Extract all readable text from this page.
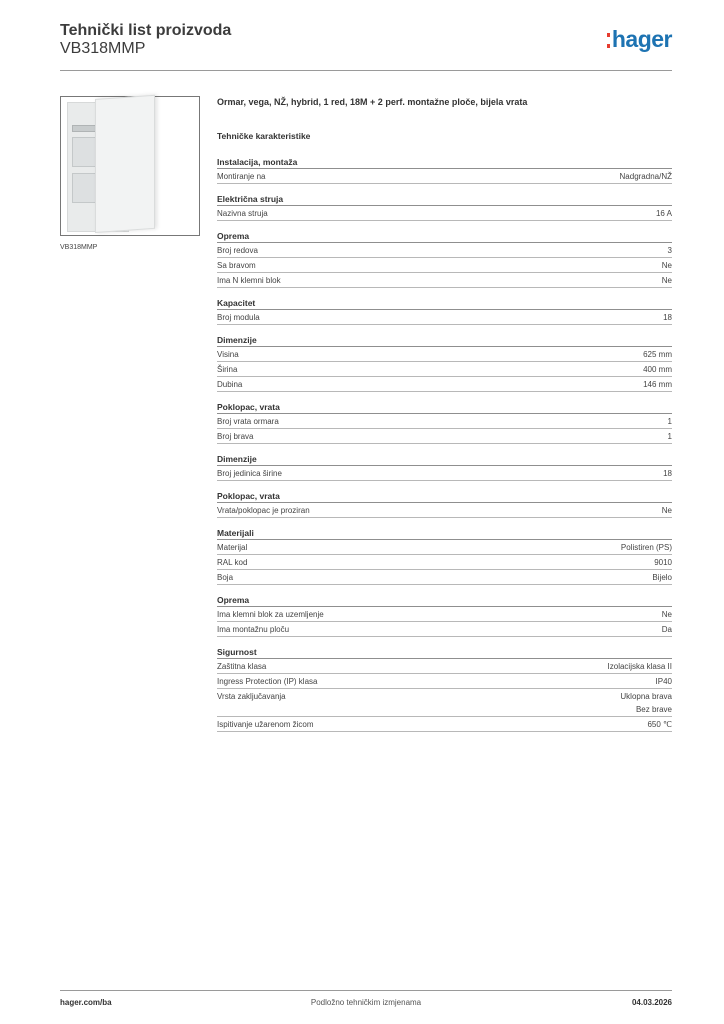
Tehnički list proizvoda
VB318MMP	hager
VB318MMP
Ormar, vega, NŽ, hybrid, 1 red, 18M + 2 perf. montažne ploče, bijela vrata
Tehničke karakteristike
Instalacija, montaža
Montiranje na	Nadgradna/NŽ
Električna struja
Nazivna struja	16 A
Oprema
Broj redova	3
Sa bravom	Ne
Ima N klemni blok	Ne
Kapacitet
Broj modula	18
Dimenzije
Visina	625 mm
Širina	400 mm
Dubina	146 mm
Poklopac, vrata
Broj vrata ormara	1
Broj brava	1
Dimenzije
Broj jedinica širine	18
Poklopac, vrata
Vrata/poklopac je proziran	Ne
Materijali
Materijal	Polistiren (PS)
RAL kod	9010
Boja	Bijelo
Oprema
Ima klemni blok za uzemljenje	Ne
Ima montažnu ploču	Da
Sigurnost
Zaštitna klasa	Izolacijska klasa II
Ingress Protection (IP) klasa	IP40
Vrsta zaključavanja	Uklopna brava
Bez brave
Ispitivanje užarenom žicom	650 ℃
hager.com/ba	Podložno tehničkim izmjenama	04.03.2026
